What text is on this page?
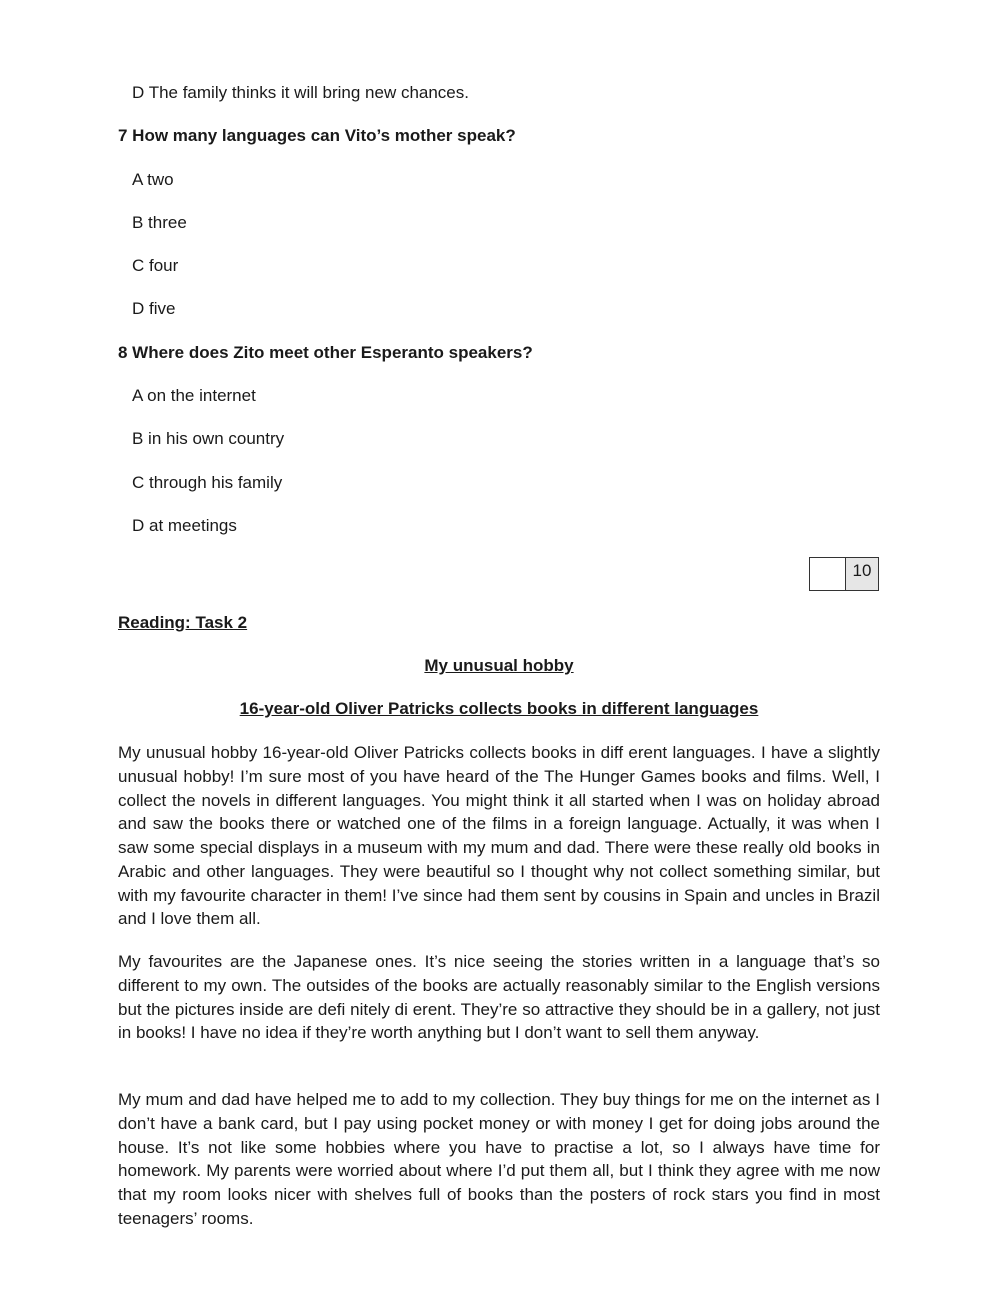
D The family thinks it will bring new chances.
7 How many languages can Vito’s mother speak?
A two
B three
C four
D five
8 Where does Zito meet other Esperanto speakers?
A on the internet
B in his own country
C through his family
D at meetings
10
Reading: Task 2
My unusual hobby
16-year-old Oliver Patricks collects books in different languages

My unusual hobby 16-year-old Oliver Patricks collects books in diff erent languages. I have a slightly unusual hobby! I’m sure most of you have heard of the The Hunger Games books and films. Well, I collect the novels in different languages. You might think it all started when I was on holiday abroad and saw the books there or watched one of the films in a foreign language. Actually, it was when I saw some special displays in a museum with my mum and dad. There were these really old books in Arabic and other languages. They were beautiful so I thought why not collect something similar, but with my favourite character in them! I’ve since had them sent by cousins in Spain and uncles in Brazil and I love them all.

My favourites are the Japanese ones. It’s nice seeing the stories written in a language that’s so different to my own. The outsides of the books are actually reasonably similar to the English versions but the pictures inside are defi nitely di erent. They’re so attractive they should be in a gallery, not just in books! I have no idea if they’re worth anything but I don’t want to sell them anyway.

My mum and dad have helped me to add to my collection. They buy things for me on the internet as I don’t have a bank card, but I pay using pocket money or with money I get for doing jobs around the house. It’s not like some hobbies where you have to practise a lot, so I always have time for homework. My parents were worried about where I’d put them all, but I think they agree with me now that my room looks nicer with shelves full of books than the posters of rock stars you find in most teenagers’ rooms.
